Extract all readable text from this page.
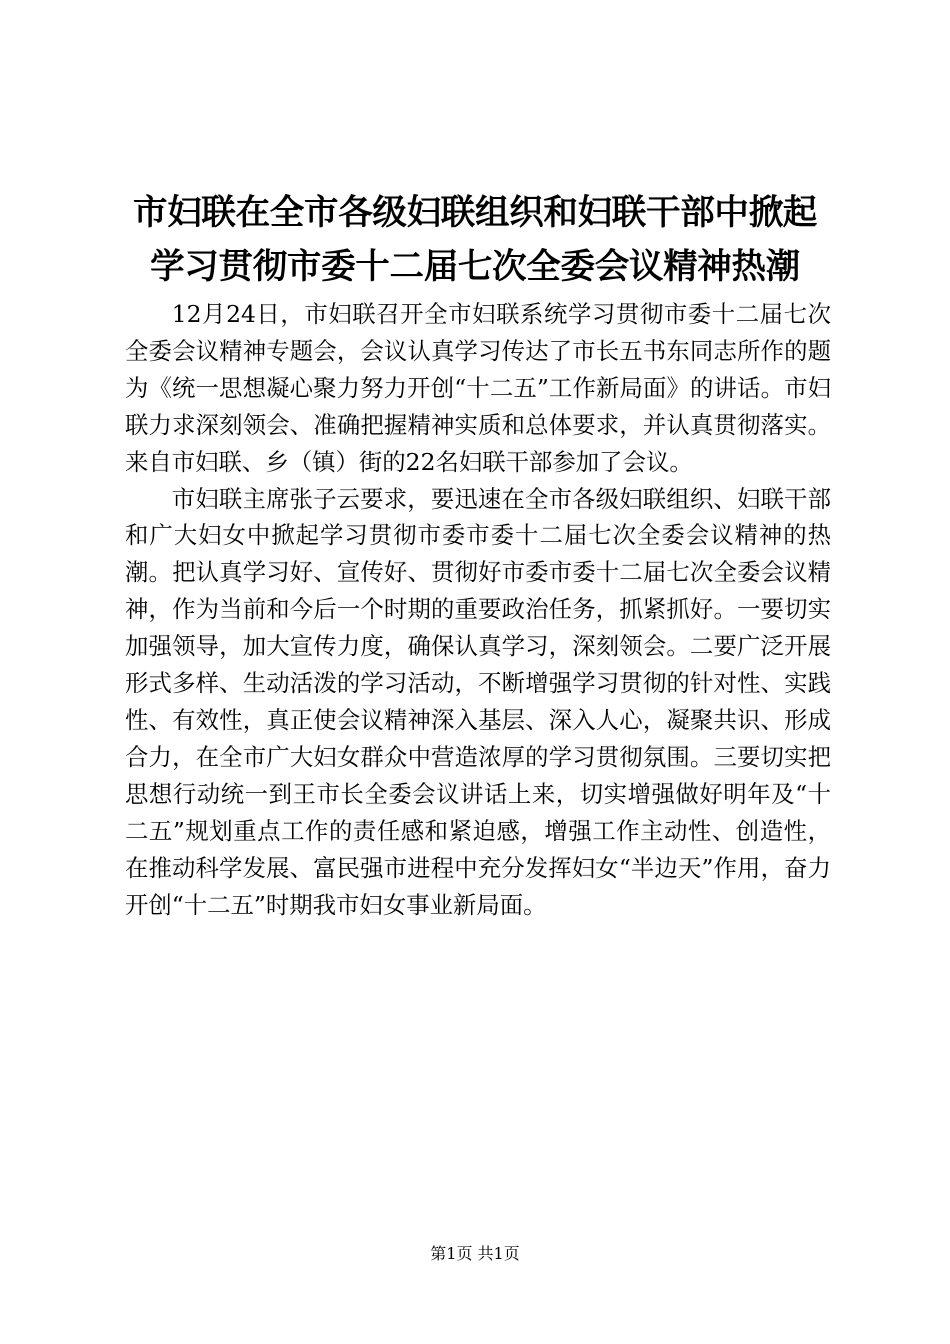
市妇联在全市各级妇联组织和妇联干部中掀起
学习贯彻市委十二届七次全委会议精神热潮

12月24日，市妇联召开全市妇联系统学习贯彻市委十二届七次全委会议精神专题会，会议认真学习传达了市长五书东同志所作的题为《统一思想凝心聚力努力开创“十二五”工作新局面》的讲话。市妇联力求深刻领会、准确把握精神实质和总体要求，并认真贯彻落实。来自市妇联、乡（镇）街的22名妇联干部参加了会议。

市妇联主席张子云要求，要迅速在全市各级妇联组织、妇联干部和广大妇女中掀起学习贯彻市委市委十二届七次全委会议精神的热潮。把认真学习好、宣传好、贯彻好市委市委十二届七次全委会议精神，作为当前和今后一个时期的重要政治任务，抓紧抓好。一要切实加强领导，加大宣传力度，确保认真学习，深刻领会。二要广泛开展形式多样、生动活泼的学习活动，不断增强学习贯彻的针对性、实践性、有效性，真正使会议精神深入基层、深入人心，凝聚共识、形成合力，在全市广大妇女群众中营造浓厚的学习贯彻氛围。三要切实把思想行动统一到王市长全委会议讲话上来，切实增强做好明年及“十二五”规划重点工作的责任感和紧迫感，增强工作主动性、创造性，在推动科学发展、富民强市进程中充分发挥妇女“半边天”作用，奋力开创“十二五”时期我市妇女事业新局面。

第1页 共1页
